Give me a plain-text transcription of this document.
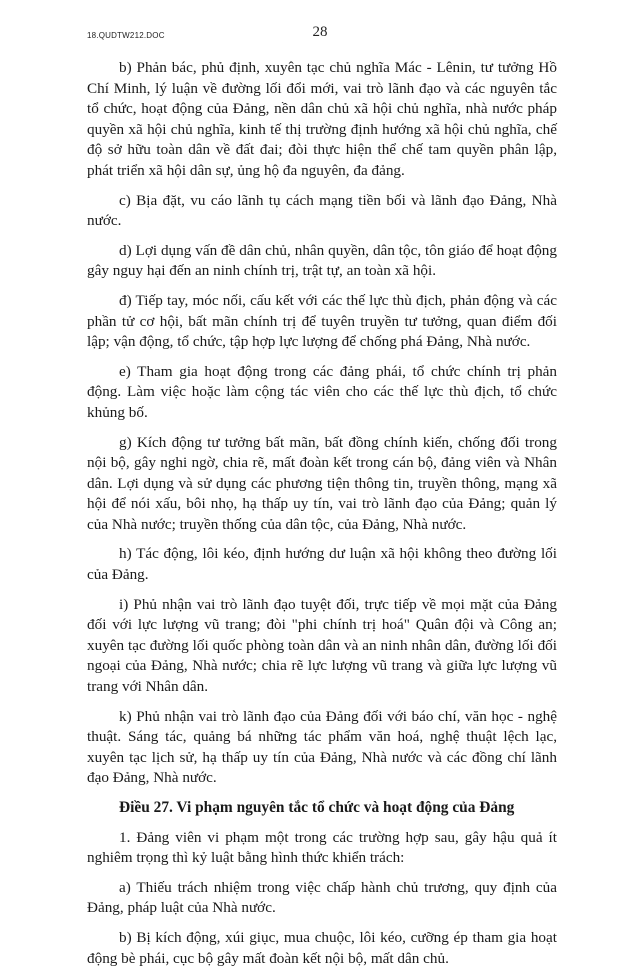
18.QUDTW212.DOC	28

b) Phản bác, phủ định, xuyên tạc chủ nghĩa Mác - Lênin, tư tưởng Hồ Chí Minh, lý luận về đường lối đổi mới, vai trò lãnh đạo và các nguyên tắc tổ chức, hoạt động của Đảng, nền dân chủ xã hội chủ nghĩa, nhà nước pháp quyền xã hội chủ nghĩa, kinh tế thị trường định hướng xã hội chủ nghĩa, chế độ sở hữu toàn dân về đất đai; đòi thực hiện thể chế tam quyền phân lập, phát triển xã hội dân sự, ủng hộ đa nguyên, đa đảng.

c) Bịa đặt, vu cáo lãnh tụ cách mạng tiền bối và lãnh đạo Đảng, Nhà nước.

d) Lợi dụng vấn đề dân chủ, nhân quyền, dân tộc, tôn giáo để hoạt động gây nguy hại đến an ninh chính trị, trật tự, an toàn xã hội.

đ) Tiếp tay, móc nối, cấu kết với các thế lực thù địch, phản động và các phần tử cơ hội, bất mãn chính trị để tuyên truyền tư tưởng, quan điểm đối lập; vận động, tổ chức, tập hợp lực lượng để chống phá Đảng, Nhà nước.

e) Tham gia hoạt động trong các đảng phái, tổ chức chính trị phản động. Làm việc hoặc làm cộng tác viên cho các thế lực thù địch, tổ chức khủng bố.

g) Kích động tư tưởng bất mãn, bất đồng chính kiến, chống đối trong nội bộ, gây nghi ngờ, chia rẽ, mất đoàn kết trong cán bộ, đảng viên và Nhân dân. Lợi dụng và sử dụng các phương tiện thông tin, truyền thông, mạng xã hội để nói xấu, bôi nhọ, hạ thấp uy tín, vai trò lãnh đạo của Đảng; quản lý của Nhà nước; truyền thống của dân tộc, của Đảng, Nhà nước.

h) Tác động, lôi kéo, định hướng dư luận xã hội không theo đường lối của Đảng.

i) Phủ nhận vai trò lãnh đạo tuyệt đối, trực tiếp về mọi mặt của Đảng đối với lực lượng vũ trang; đòi "phi chính trị hoá" Quân đội và Công an; xuyên tạc đường lối quốc phòng toàn dân và an ninh nhân dân, đường lối đối ngoại của Đảng, Nhà nước; chia rẽ lực lượng vũ trang và giữa lực lượng vũ trang với Nhân dân.

k) Phủ nhận vai trò lãnh đạo của Đảng đối với báo chí, văn học - nghệ thuật. Sáng tác, quảng bá những tác phẩm văn hoá, nghệ thuật lệch lạc, xuyên tạc lịch sử, hạ thấp uy tín của Đảng, Nhà nước và các đồng chí lãnh đạo Đảng, Nhà nước.

Điều 27. Vi phạm nguyên tắc tổ chức và hoạt động của Đảng

1. Đảng viên vi phạm một trong các trường hợp sau, gây hậu quả ít nghiêm trọng thì kỷ luật bằng hình thức khiển trách:

a) Thiếu trách nhiệm trong việc chấp hành chủ trương, quy định của Đảng, pháp luật của Nhà nước.

b) Bị kích động, xúi giục, mua chuộc, lôi kéo, cưỡng ép tham gia hoạt động bè phái, cục bộ gây mất đoàn kết nội bộ, mất dân chủ.
